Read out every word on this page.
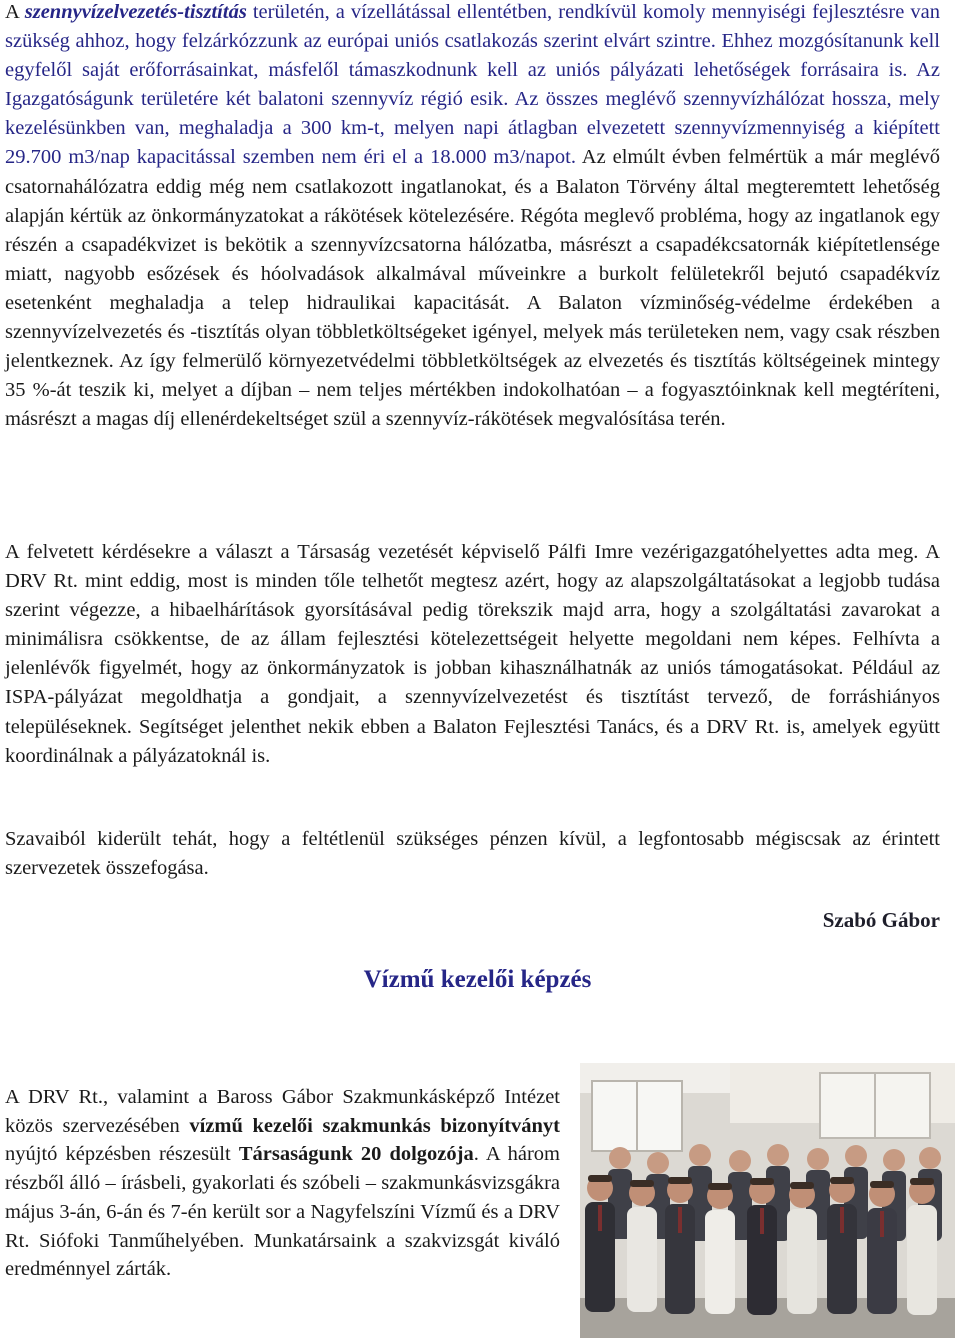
A szennyvízelvezetés-tisztítás területén, a vízellátással ellentétben, rendkívül komoly mennyiségi fejlesztésre van szükség ahhoz, hogy felzárkózzunk az európai uniós csatlakozás szerint elvárt szintre. Ehhez mozgósítanunk kell egyfelől saját erőforrásainkat, másfelől támaszkodnunk kell az uniós pályázati lehetőségek forrásaira is. Az Igazgatóságunk területére két balatoni szennyvíz régió esik. Az összes meglévő szennyvízhálózat hossza, mely kezelésünkben van, meghaladja a 300 km-t, melyen napi átlagban elvezetett szennyvízmennyiség a kiépített 29.700 m3/nap kapacitással szemben nem éri el a 18.000 m3/napot. Az elmúlt évben felmértük a már meglévő csatornahálózatra eddig még nem csatlakozott ingatlanokat, és a Balaton Törvény által megteremtett lehetőség alapján kértük az önkormányzatokat a rákötések kötelezésére. Régóta meglevő probléma, hogy az ingatlanok egy részén a csapadékvizet is bekötik a szennyvízcsatorna hálózatba, másrészt a csapadékcsatornák kiépítetlensége miatt, nagyobb esőzések és hóolvadások alkalmával műveinkre a burkolt felületekről bejutó csapadékvíz esetenként meghaladja a telep hidraulikai kapacitását. A Balaton vízminőség-védelme érdekében a szennyvízelvezetés és -tisztítás olyan többletköltségeket igényel, melyek más területeken nem, vagy csak részben jelentkeznek. Az így felmerülő környezetvédelmi többletköltségek az elvezetés és tisztítás költségeinek mintegy 35 %-át teszik ki, melyet a díjban – nem teljes mértékben indokolhatóan – a fogyasztóinknak kell megtéríteni, másrészt a magas díj ellenérdekeltséget szül a szennyvíz-rákötések megvalósítása terén.

A felvetett kérdésekre a választ a Társaság vezetését képviselő Pálfi Imre vezérigazgatóhelyettes adta meg. A DRV Rt. mint eddig, most is minden tőle telhetőt megtesz azért, hogy az alapszolgáltatásokat a legjobb tudása szerint végezze, a hibaelhárítások gyorsításával pedig törekszik majd arra, hogy a szolgáltatási zavarokat a minimálisra csökkentse, de az állam fejlesztési kötelezettségeit helyette megoldani nem képes. Felhívta a jelenlévők figyelmét, hogy az önkormányzatok is jobban kihasználhatnák az uniós támogatásokat. Például az ISPA-pályázat megoldhatja a gondjait, a szennyvízelvezetést és tisztítást tervező, de forráshiányos településeknek. Segítséget jelenthet nekik ebben a Balaton Fejlesztési Tanács, és a DRV Rt. is, amelyek együtt koordinálnak a pályázatoknál is.

Szavaiból kiderült tehát, hogy a feltétlenül szükséges pénzen kívül, a legfontosabb mégiscsak az érintett szervezetek összefogása.

Szabó Gábor
Vízmű kezelői képzés

A DRV Rt., valamint a Baross Gábor Szakmunkásképző Intézet közös szervezésében vízmű kezelői szakmunkás bizonyítványt nyújtó képzésben részesült Társaságunk 20 dolgozója. A három részből álló – írásbeli, gyakorlati és szóbeli – szakmunkásvizsgákra május 3-án, 6-án és 7-én került sor a Nagyfelszíni Vízmű és a DRV Rt. Siófoki Tanműhelyében. Munkatársaink a szakvizsgát kiváló eredménnyel zárták.
